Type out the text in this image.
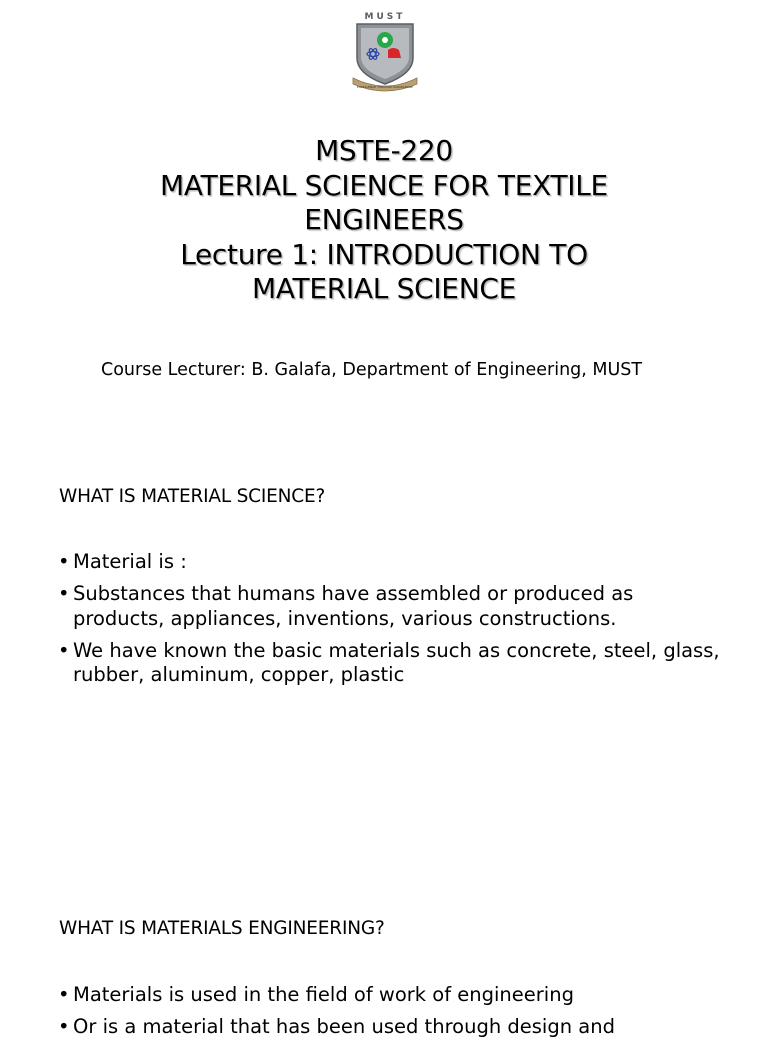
MUST
EXCELLENCE THROUGH KNOWLEDGE
MSTE-220
MATERIAL SCIENCE FOR TEXTILE
ENGINEERS
Lecture 1: INTRODUCTION TO
MATERIAL SCIENCE
Course Lecturer: B. Galafa, Department of Engineering, MUST
WHAT IS MATERIAL SCIENCE?
• Material is :
• Substances that humans have assembled or produced as
products, appliances, inventions, various constructions.
• We have known the basic materials such as concrete, steel, glass,
rubber, aluminum, copper, plastic
WHAT IS MATERIALS ENGINEERING?
• Materials is used in the field of work of engineering
• Or is a material that has been used through design and
